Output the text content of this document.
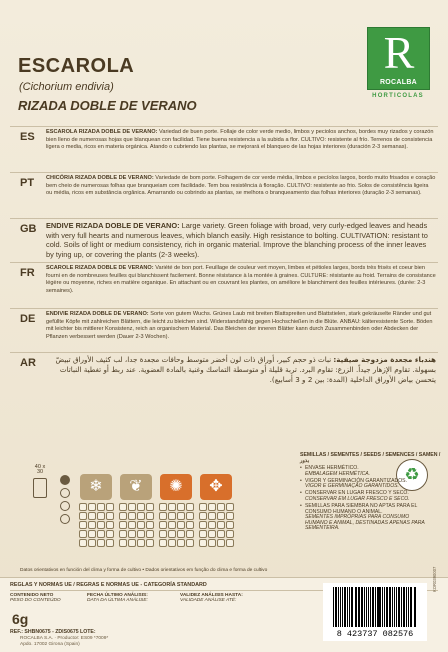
R
ROCALBA
HORTICOLAS
ESCAROLA
(Cichorium endivia)
RIZADA DOBLE DE VERANO
ES ESCAROLA RIZADA DOBLE DE VERANO: Variedad de buen porte. Follaje de color verde medio, limbos y peciolos anchos, bordes muy rizados y corazón bien lleno de numerosas hojas que blanquean con facilidad. Tiene buena resistencia a la subida a flor. CULTIVO: resistente al frío. Terrenos de consistencia ligera o media, ricos en materia orgánica. Atando o cubriendo las plantas, se mejorará el blanqueo de las hojas interiores (duración 2-3 semanas).
PT CHICÓRIA RIZADA DOBLE DE VERANO: Variedade de bom porte. Folhagem de cor verde média, limbos e pecíolos largos, bordo muito frisados e coração bem cheio de numerosas folhas que branqueiam com facilidade. Tem boa resistência à floração. CULTIVO: resistente ao frio. Solos de consistência ligeira ou média, ricos em substância orgânica. Amarrando ou cobrindo as plantas, se melhora o branqueamento das folhas interiores (duração 2-3 semanas).
GB ENDIVE RIZADA DOBLE DE VERANO: Large variety. Green foliage with broad, very curly-edged leaves and heads with very full hearts and numerous leaves, which blanch easily. High resistance to bolting. CULTIVATION: resistant to cold. Soils of light or medium consistency, rich in organic material. Improve the blanching process of the inner leaves by tying up, or covering the plants (2-3 weeks).
FR SCAROLE RIZADA DOBLE DE VERANO: Variété de bon port. Feuillage de couleur vert moyen, limbes et pétioles larges, bords très frisés et coeur bien fourni en de nombreuses feuilles qui blanchissent facilement. Bonne résistance à la montée à graines. CULTURE: résistante au froid. Terrains de consistance légère ou moyenne, riches en matière organique. En attachant ou en couvrant les plantes, on améliore le blanchiment des feuilles intérieures. (durée: 2-3 semaines).
DE ENDIVIE RIZADA DOBLE DE VERANO: Sorte von gutem Wuchs. Grünes Laub mit breiten Blattspreiten und Blattstielen, stark gekräuselte Ränder und gut gefüllte Köpfe mit zahlreichen Blättern, die leicht zu bleichen sind. Widerstandsfähig gegen Hochschießen in die Blüte. ANBAU: kälteresistente Sorte. Böden mit leichter bis mittlerer Konsistenz, reich an organischem Material. Das Bleichen der inneren Blätter kann durch Zusammenbinden oder Abdecken der Pflanzen verbessert werden (Dauer 2-3 Wochen).
AR	هندباء مجعدة مزدوجة صيفية: نبات ذو حجم كبير، أوراق ذات لون أخضر متوسط وحافات مجعدة جدا، لب كثيف الأوراق تبيضّ بسهولة. تقاوم الإزهار جيداً. الزرع: تقاوم البرد. تربة قليلة أو متوسطة التماسك وغنية بالمادة العضوية. عند ربط أو تغطية النباتات يتحسن بياض الأوراق الداخلية (المدة: بين 2 و 3 أسابيع).
40 x 30
❄	❦	✺	✥
SEMILLAS / SEMENTES / SEEDS / SEMENCES / SAMEN / بذور
♻
• ENVASE HERMÉTICO.
EMBALAGEM HERMÉTICA.
• VIGOR Y GERMINACIÓN GARANTIZADOS.
VIGOR E GERMINAÇÃO GARANTIDOS.
• CONSERVAR EN LUGAR FRESCO Y SECO.
CONSERVAR EM LUGAR FRESCO E SECO.
• SEMILLAS PARA SIEMBRA NO APTAS PARA EL CONSUMO HUMANO O ANIMAL.
SEMENTES IMPRÓPRIAS PARA CONSUMO HUMANO E ANIMAL, DESTINADAS APENAS PARA SEMENTEIRA.
Datos orientativos en función del clima y forma de cultivo • Dados orientativos em função do clima e forma de cultivo
REGLAS Y NORMAS UE / REGRAS E NORMAS UE - CATEGORÍA STANDARD
CONTENIDO NETO
PESO DO CONTEÚDO
6g
FECHA ÚLTIMO ANÁLISIS:
DATA DA ÚLTIMA ANÁLISE:
VALIDEZ ANÁLISIS HASTA:
VALIDADE ANÁLISE ATÉ:
REF.: SHBN0675 - ZDIS0675 LOTE:
ROCALBA S.A. · Productor: ES09 *7009*
Apdo. 17002 Girona (Spain)
8 423737 082576
KOR0390007
